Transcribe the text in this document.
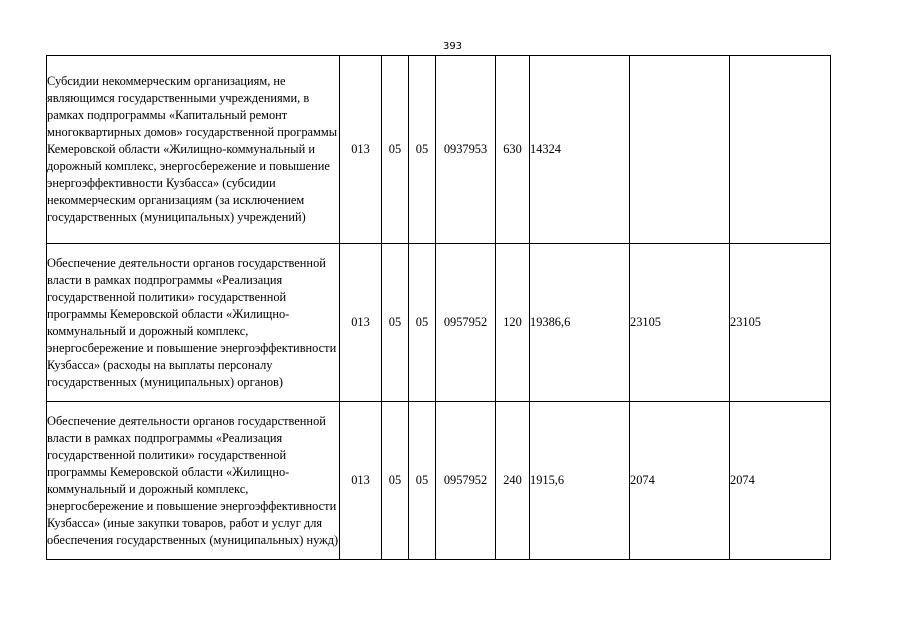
393
Субсидии некоммерческим организациям, не являющимся государственными учреждениями, в рамках подпрограммы «Капитальный ремонт многоквартирных домов» государственной программы Кемеровской области «Жилищно-коммунальный и дорожный комплекс, энергосбережение и повышение энергоэффективности Кузбасса» (субсидии некоммерческим организациям (за исключением государственных (муниципальных) учреждений)	013	05	05	0937953	630	14324		
Обеспечение деятельности органов государственной власти в рамках подпрограммы «Реализация государственной политики» государственной программы Кемеровской области «Жилищно-коммунальный и дорожный комплекс, энергосбережение и повышение энергоэффективности Кузбасса» (расходы на выплаты персоналу государственных (муниципальных) органов)	013	05	05	0957952	120	19386,6	23105	23105
Обеспечение деятельности органов государственной власти в рамках подпрограммы «Реализация государственной политики» государственной программы Кемеровской области «Жилищно-коммунальный и дорожный комплекс, энергосбережение и повышение энергоэффективности Кузбасса» (иные закупки товаров, работ и услуг для обеспечения государственных (муниципальных) нужд)	013	05	05	0957952	240	1915,6	2074	2074
